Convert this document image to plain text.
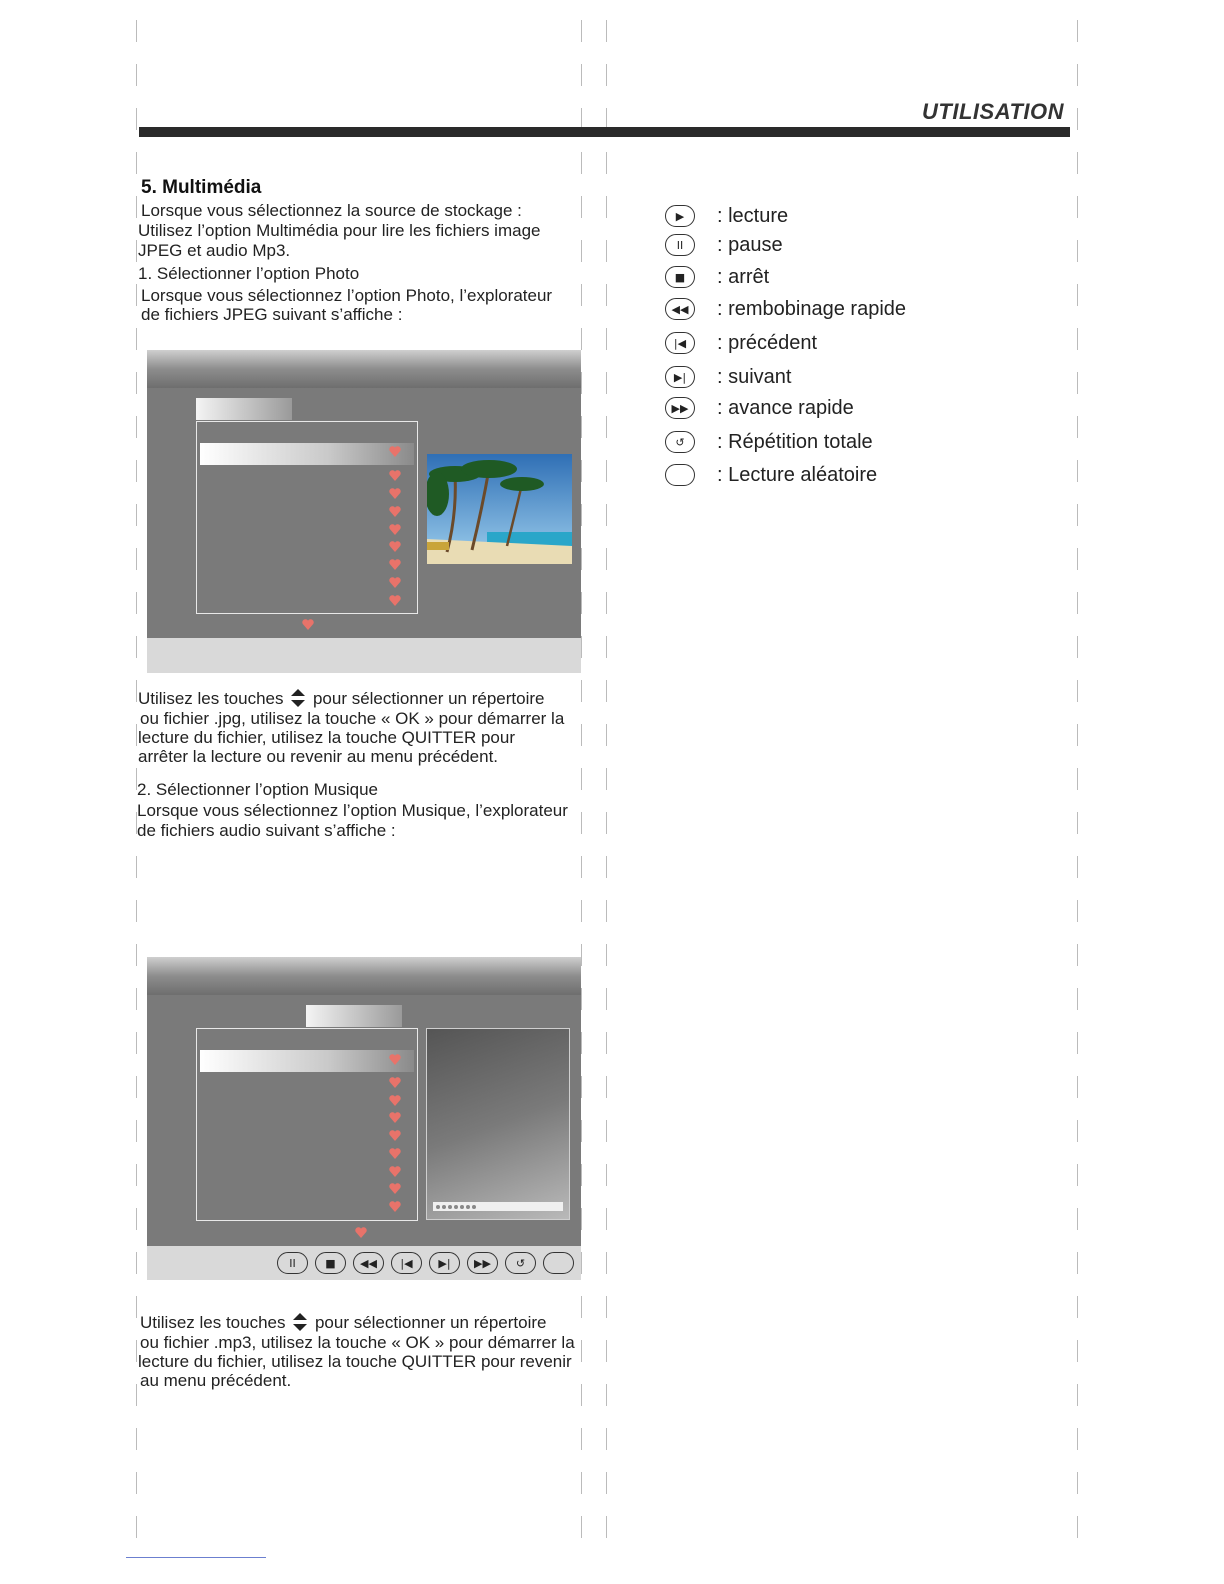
UTILISATION
5. Multimédia
Lorsque vous sélectionnez la source de stockage :
Utilisez l’option Multimédia pour lire les fichiers image
JPEG et audio Mp3.
1. Sélectionner l’option Photo
Lorsque vous sélectionnez l’option Photo, l’explorateur
de fichiers JPEG suivant s’affiche :
Utilisez les touches  pour sélectionner un répertoire
ou fichier .jpg, utilisez la touche « OK » pour démarrer la
lecture du fichier, utilisez la touche QUITTER pour
arrêter la lecture ou revenir au menu précédent.
2. Sélectionner l’option Musique
Lorsque vous sélectionnez l’option Musique, l’explorateur
de fichiers audio suivant s’affiche :
II	■	◀◀	|◀	▶|	▶▶	↺
Utilisez les touches  pour sélectionner un répertoire
ou fichier .mp3, utilisez la touche « OK » pour démarrer la
lecture du fichier, utilisez la touche QUITTER pour revenir
au menu précédent.
▶	: lecture
II	: pause
■	: arrêt
◀◀	: rembobinage rapide
|◀	: précédent
▶|	: suivant
▶▶	: avance rapide
↺	: Répétition totale
: Lecture aléatoire
